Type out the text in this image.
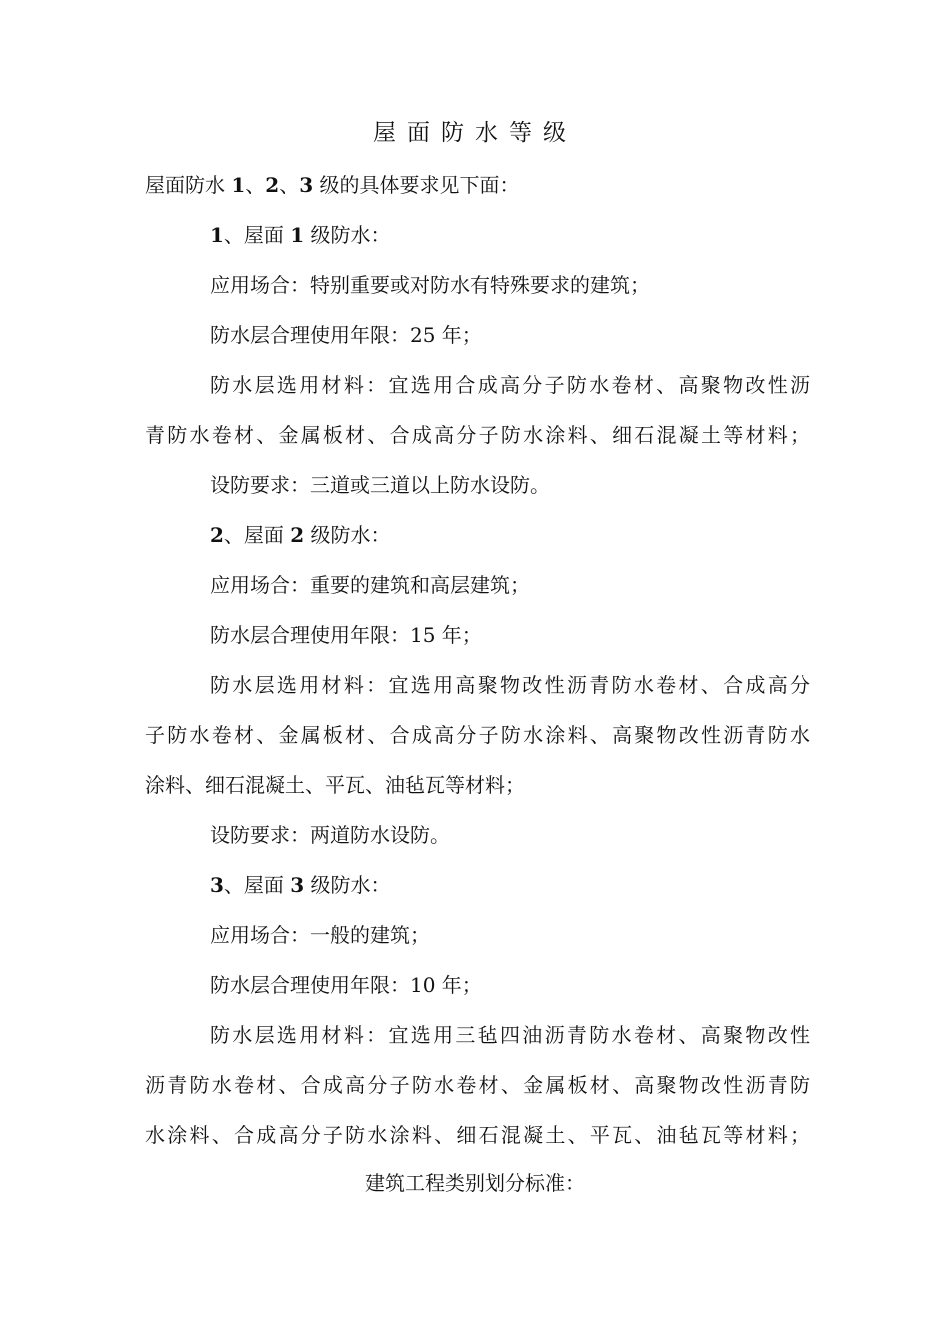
屋面防水等级
屋面防水 1、2、3 级的具体要求见下面：
1、屋面 1 级防水：
应用场合：特别重要或对防水有特殊要求的建筑；
防水层合理使用年限：25 年；
防水层选用材料：宜选用合成高分子防水卷材、高聚物改性沥
青防水卷材、金属板材、合成高分子防水涂料、细石混凝土等材料；
设防要求：三道或三道以上防水设防。
2、屋面 2 级防水：
应用场合：重要的建筑和高层建筑；
防水层合理使用年限：15 年；
防水层选用材料：宜选用高聚物改性沥青防水卷材、合成高分
子防水卷材、金属板材、合成高分子防水涂料、高聚物改性沥青防水
涂料、细石混凝土、平瓦、油毡瓦等材料；
设防要求：两道防水设防。
3、屋面 3 级防水：
应用场合：一般的建筑；
防水层合理使用年限：10 年；
防水层选用材料：宜选用三毡四油沥青防水卷材、高聚物改性
沥青防水卷材、合成高分子防水卷材、金属板材、高聚物改性沥青防
水涂料、合成高分子防水涂料、细石混凝土、平瓦、油毡瓦等材料；
建筑工程类别划分标准：
